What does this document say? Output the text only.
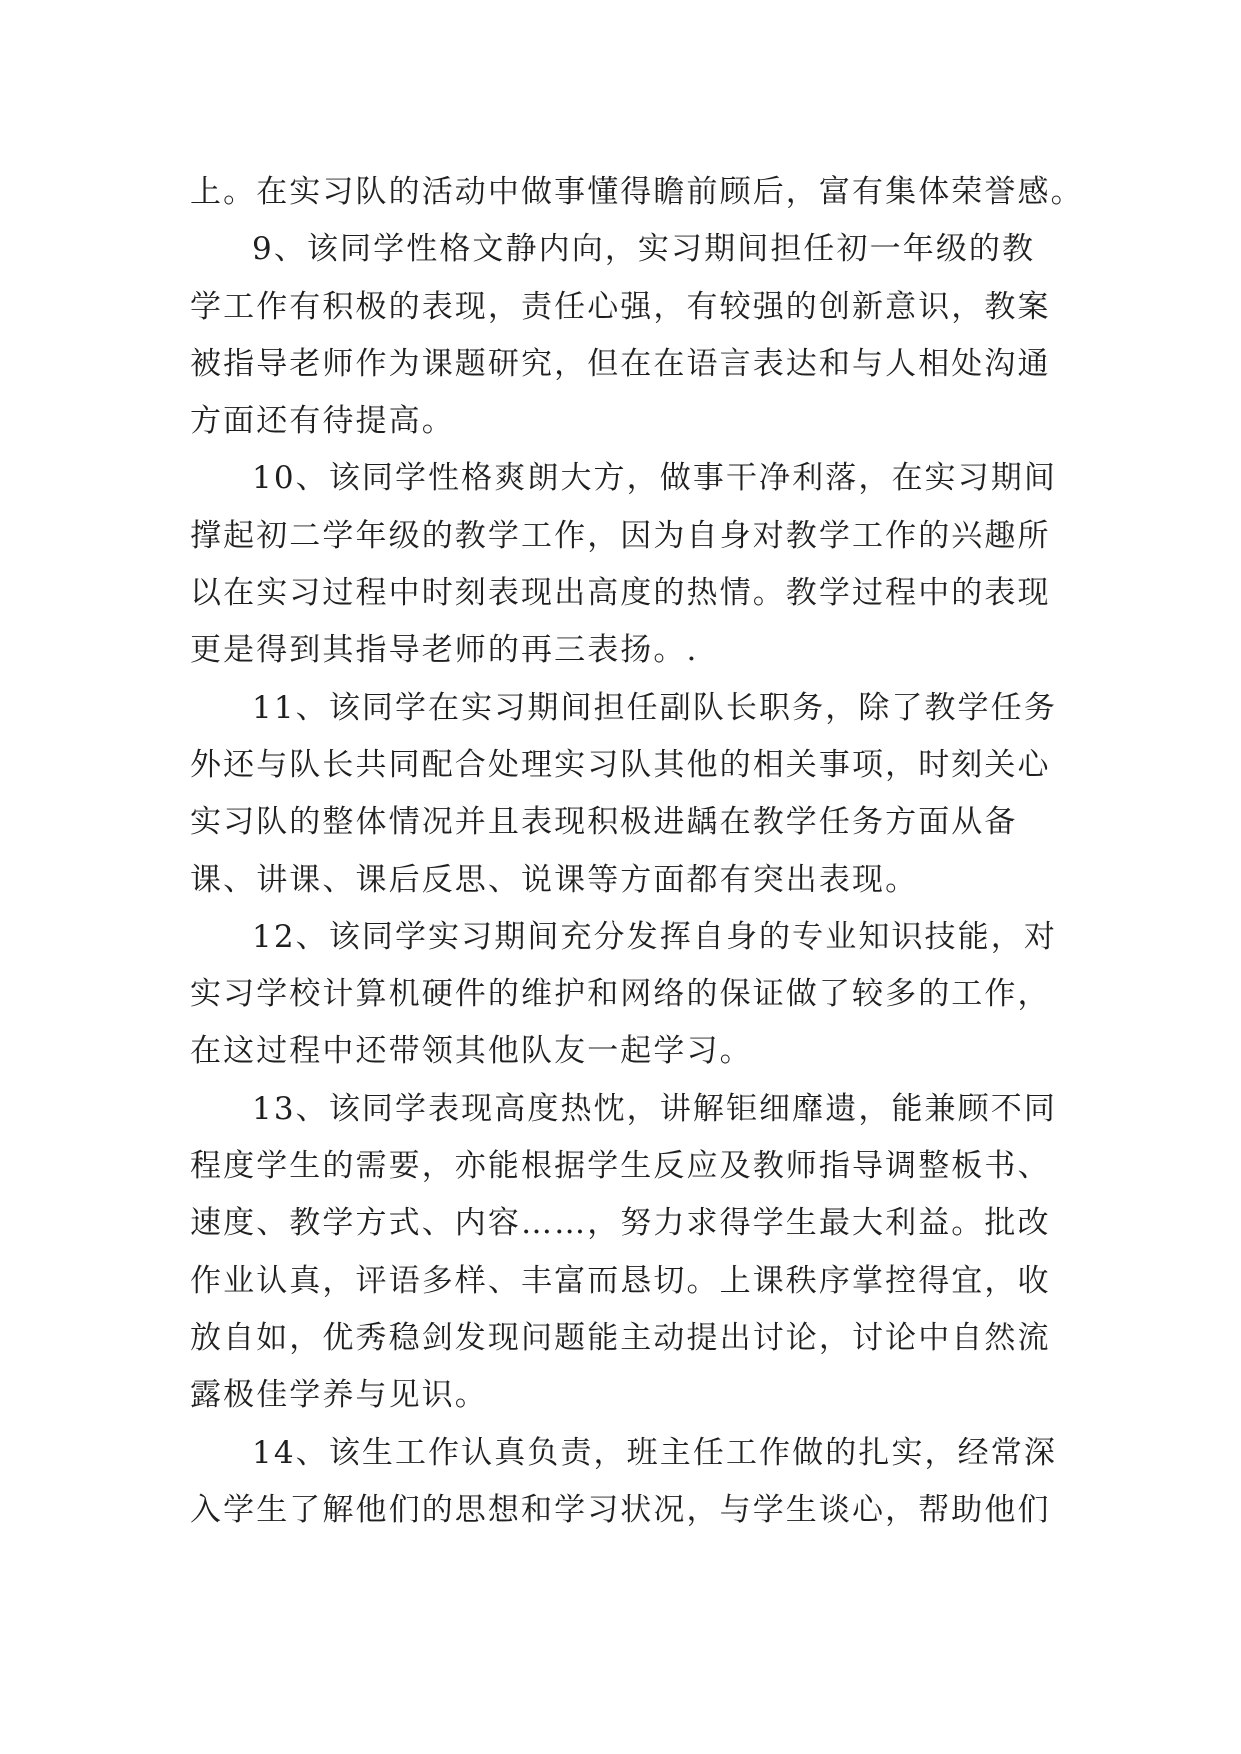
上。在实习队的活动中做事懂得瞻前顾后，富有集体荣誉感。
9、该同学性格文静内向，实习期间担任初一年级的教
学工作有积极的表现，责任心强，有较强的创新意识，教案
被指导老师作为课题研究，但在在语言表达和与人相处沟通
方面还有待提高。
10、该同学性格爽朗大方，做事干净利落，在实习期间
撑起初二学年级的教学工作，因为自身对教学工作的兴趣所
以在实习过程中时刻表现出高度的热情。教学过程中的表现
更是得到其指导老师的再三表扬。.
11、该同学在实习期间担任副队长职务，除了教学任务
外还与队长共同配合处理实习队其他的相关事项，时刻关心
实习队的整体情况并且表现积极进龋在教学任务方面从备
课、讲课、课后反思、说课等方面都有突出表现。
12、该同学实习期间充分发挥自身的专业知识技能，对
实习学校计算机硬件的维护和网络的保证做了较多的工作，
在这过程中还带领其他队友一起学习。
13、该同学表现高度热忱，讲解钜细靡遗，能兼顾不同
程度学生的需要，亦能根据学生反应及教师指导调整板书、
速度、教学方式、内容……，努力求得学生最大利益。批改
作业认真，评语多样、丰富而恳切。上课秩序掌控得宜，收
放自如，优秀稳剑发现问题能主动提出讨论，讨论中自然流
露极佳学养与见识。
14、该生工作认真负责，班主任工作做的扎实，经常深
入学生了解他们的思想和学习状况，与学生谈心，帮助他们
